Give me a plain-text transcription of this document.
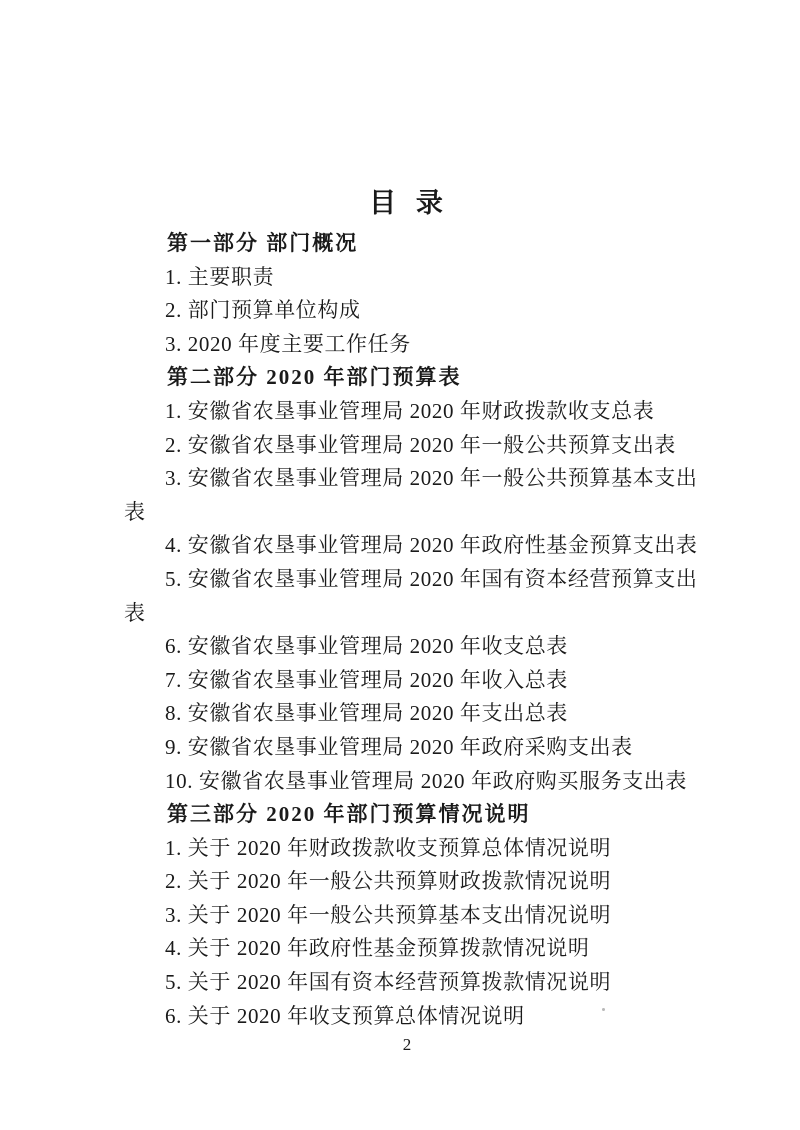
目 录
第一部分 部门概况
1. 主要职责
2. 部门预算单位构成
3. 2020 年度主要工作任务
第二部分 2020 年部门预算表
1. 安徽省农垦事业管理局 2020 年财政拨款收支总表
2. 安徽省农垦事业管理局 2020 年一般公共预算支出表
3. 安徽省农垦事业管理局 2020 年一般公共预算基本支出
表
4. 安徽省农垦事业管理局 2020 年政府性基金预算支出表
5. 安徽省农垦事业管理局 2020 年国有资本经营预算支出
表
6. 安徽省农垦事业管理局 2020 年收支总表
7. 安徽省农垦事业管理局 2020 年收入总表
8. 安徽省农垦事业管理局 2020 年支出总表
9. 安徽省农垦事业管理局 2020 年政府采购支出表
10. 安徽省农垦事业管理局 2020 年政府购买服务支出表
第三部分 2020 年部门预算情况说明
1. 关于 2020 年财政拨款收支预算总体情况说明
2. 关于 2020 年一般公共预算财政拨款情况说明
3. 关于 2020 年一般公共预算基本支出情况说明
4. 关于 2020 年政府性基金预算拨款情况说明
5. 关于 2020 年国有资本经营预算拨款情况说明
6. 关于 2020 年收支预算总体情况说明
2
